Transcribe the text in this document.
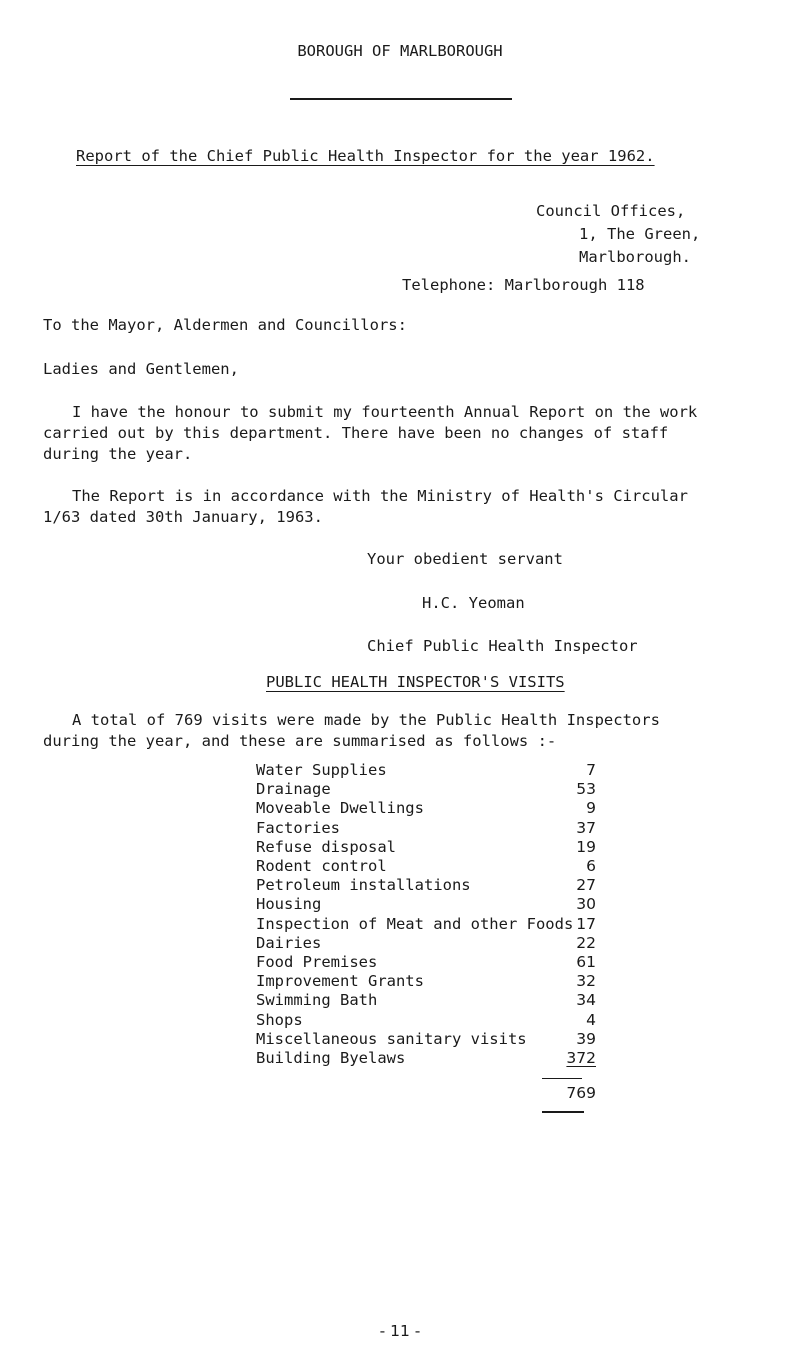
BOROUGH OF MARLBOROUGH
Report of the Chief Public Health Inspector for the year 1962.
Council Offices,
1, The Green,
Marlborough.
Telephone: Marlborough 118
To the Mayor, Aldermen and Councillors:
Ladies and Gentlemen,
I have the honour to submit my fourteenth Annual Report on the work
carried out by this department. There have been no changes of staff
during the year.
The Report is in accordance with the Ministry of Health's Circular
1/63 dated 30th January, 1963.
Your obedient servant
H.C. Yeoman
Chief Public Health Inspector
PUBLIC HEALTH INSPECTOR'S VISITS
A total of 769 visits were made by the Public Health Inspectors
during the year, and these are summarised as follows :-
Water Supplies	7
Drainage	53
Moveable Dwellings	9
Factories	37
Refuse disposal	19
Rodent control	6
Petroleum installations	27
Housing	30
Inspection of Meat and other Foods 17
Dairies	22
Food Premises	61
Improvement Grants	32
Swimming Bath	34
Shops	4
Miscellaneous sanitary visits	39
Building Byelaws	372
769
- 11 -
